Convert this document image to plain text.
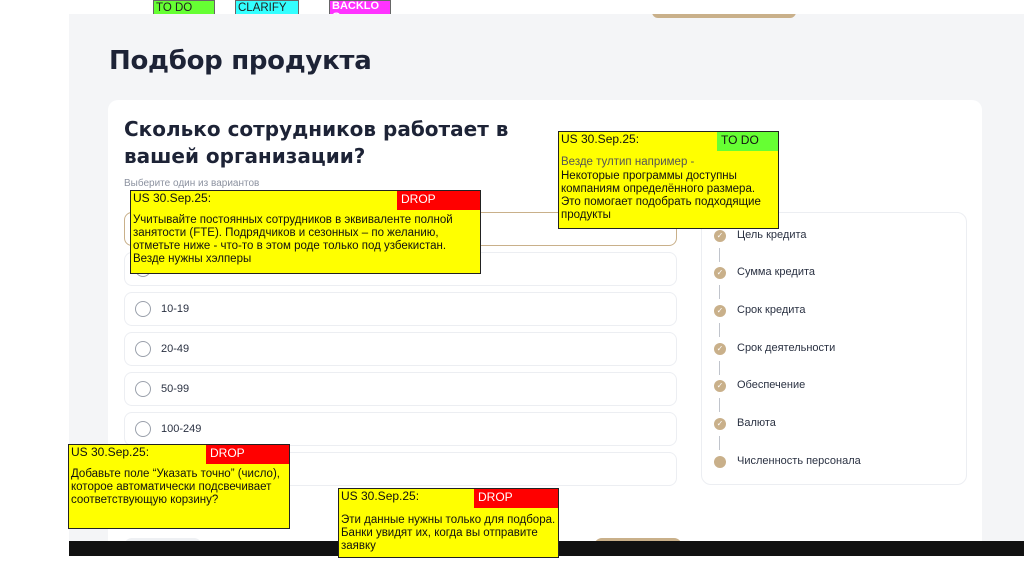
TO DO	CLARIFY	BACKLO
Подбор продукта
Сколько сотрудников работает в вашей организации?
Выберите один из вариантов
10-19
20-49
50-99
100-249
✓ Цель кредита
✓ Сумма кредита
✓ Срок кредита
✓ Срок деятельности
✓ Обеспечение
✓ Валюта
Численность персонала
US 30.Sep.25:	DROP
Учитывайте постоянных сотрудников в эквиваленте полной занятости (FTE). Подрядчиков и сезонных – по желанию, отметьте ниже - что-то в этом роде только под узбекистан. Везде нужны хэлперы
US 30.Sep.25:	TO DO
Везде тултип например -
Некоторые программы доступны компаниям определённого размера. Это помогает подобрать подходящие продукты
US 30.Sep.25:	DROP
Добавьте поле “Указать точно” (число), которое автоматически подсвечивает соответствующую корзину?	US 30.Sep.25:	DROP
Эти данные нужны только для подбора. Банки увидят их, когда вы отправите заявку
